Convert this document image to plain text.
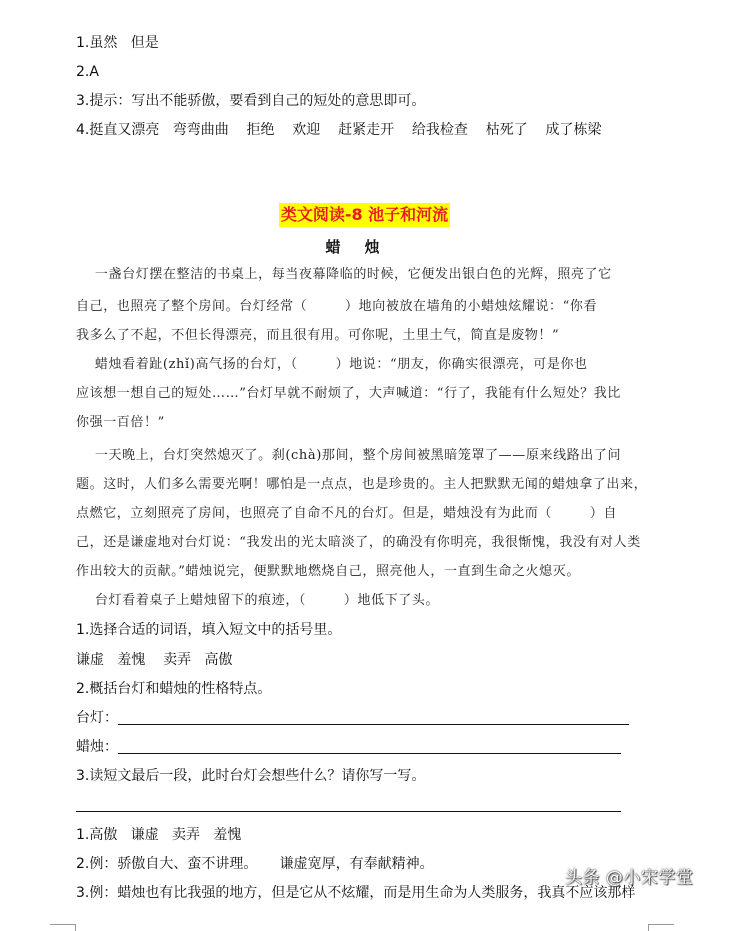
1.虽然   但是
2.A
3.提示：写出不能骄傲，要看到自己的短处的意思即可。
4.挺直又漂亮   弯弯曲曲    拒绝    欢迎    赶紧走开    给我检查    枯死了    成了栋梁
类文阅读-8 池子和河流
蜡烛
一盏台灯摆在整洁的书桌上，每当夜幕降临的时候，它便发出银白色的光辉，照亮了它
自己，也照亮了整个房间。台灯经常（        ）地向被放在墙角的小蜡烛炫耀说：“你看
我多么了不起，不但长得漂亮，而且很有用。可你呢，土里土气，简直是废物！”
蜡烛看着趾(zhǐ)高气扬的台灯，（        ）地说：“朋友，你确实很漂亮，可是你也
应该想一想自己的短处……”台灯早就不耐烦了，大声喊道：“行了，我能有什么短处？我比
你强一百倍！”
一天晚上，台灯突然熄灭了。刹(chà)那间，整个房间被黑暗笼罩了——原来线路出了问
题。这时，人们多么需要光啊！哪怕是一点点，也是珍贵的。主人把默默无闻的蜡烛拿了出来，
点燃它，立刻照亮了房间，也照亮了自命不凡的台灯。但是，蜡烛没有为此而（        ）自
己，还是谦虚地对台灯说：“我发出的光太暗淡了，的确没有你明亮，我很惭愧，我没有对人类
作出较大的贡献。”蜡烛说完，便默默地燃烧自己，照亮他人，一直到生命之火熄灭。
台灯看着桌子上蜡烛留下的痕迹，（        ）地低下了头。
1.选择合适的词语，填入短文中的括号里。
谦虚   羞愧    卖弄   高傲
2.概括台灯和蜡烛的性格特点。
台灯：
蜡烛：
3.读短文最后一段，此时台灯会想些什么？请你写一写。
1.高傲   谦虚   卖弄   羞愧
2.例：骄傲自大、蛮不讲理。     谦虚宽厚，有奉献精神。
3.例：蜡烛也有比我强的地方，但是它从不炫耀，而是用生命为人类服务，我真不应该那样
头条 @小宋学堂
